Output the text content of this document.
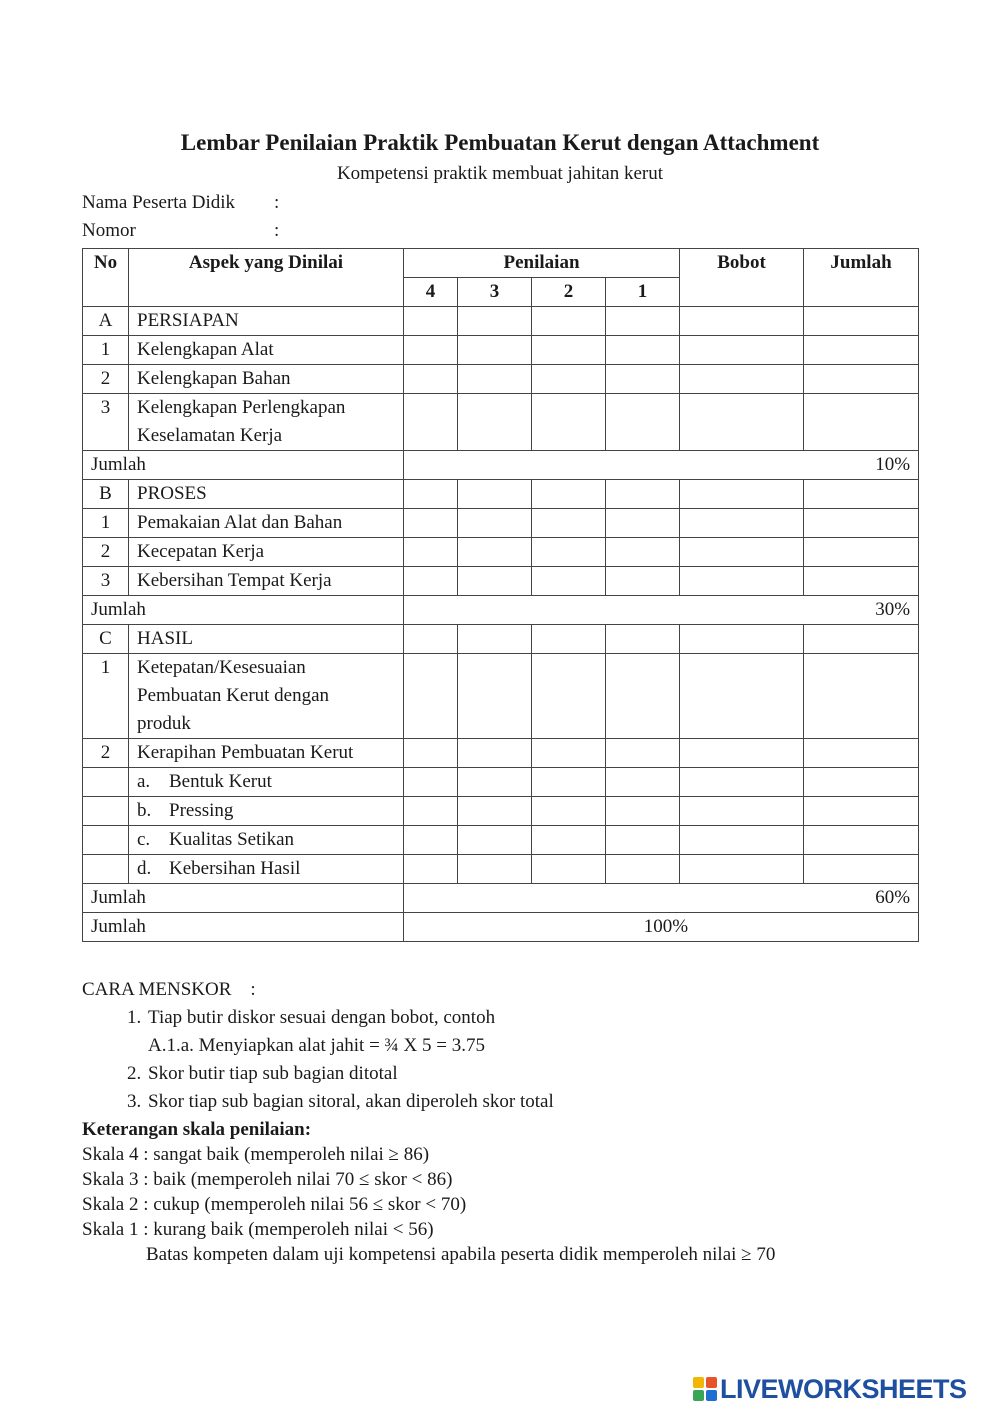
Lembar Penilaian Praktik Pembuatan Kerut dengan Attachment
Kompetensi praktik membuat jahitan kerut
Nama Peserta Didik :
Nomor	:
No	Aspek yang Dinilai	Penilaian				Bobot	Jumlah
		4	3	2	1		
A	PERSIAPAN						
1	Kelengkapan Alat						
2	Kelengkapan Bahan						
3	Kelengkapan Perlengkapan
Keselamatan Kerja						

Jumlah		10%					
B	PROSES						
1	Pemakaian Alat dan Bahan						
2	Kecepatan Kerja						
3	Kebersihan Tempat Kerja						
Jumlah		30%					
C	HASIL						
1	Ketepatan/Kesesuaian
Pembuatan Kerut dengan
produk						

2	Kerapihan Pembuatan Kerut						
	a. Bentuk Kerut						
	b. Pressing						
	c. Kualitas Setikan						
	d. Kebersihan Hasil						
Jumlah		60%					
Jumlah		100%					
CARA MENSKOR :
1. Tiap butir diskor sesuai dengan bobot, contoh
A.1.a. Menyiapkan alat jahit = ¾ X 5 = 3.75
2. Skor butir tiap sub bagian ditotal
3. Skor tiap sub bagian sitoral, akan diperoleh skor total
Keterangan skala penilaian:
Skala 4 : sangat baik (memperoleh nilai ≥ 86)
Skala 3 : baik (memperoleh nilai 70 ≤ skor < 86)
Skala 2 : cukup (memperoleh nilai 56 ≤ skor < 70)
Skala 1 : kurang baik (memperoleh nilai < 56)
Batas kompeten dalam uji kompetensi apabila peserta didik memperoleh nilai ≥ 70
LIVEWORKSHEETS
